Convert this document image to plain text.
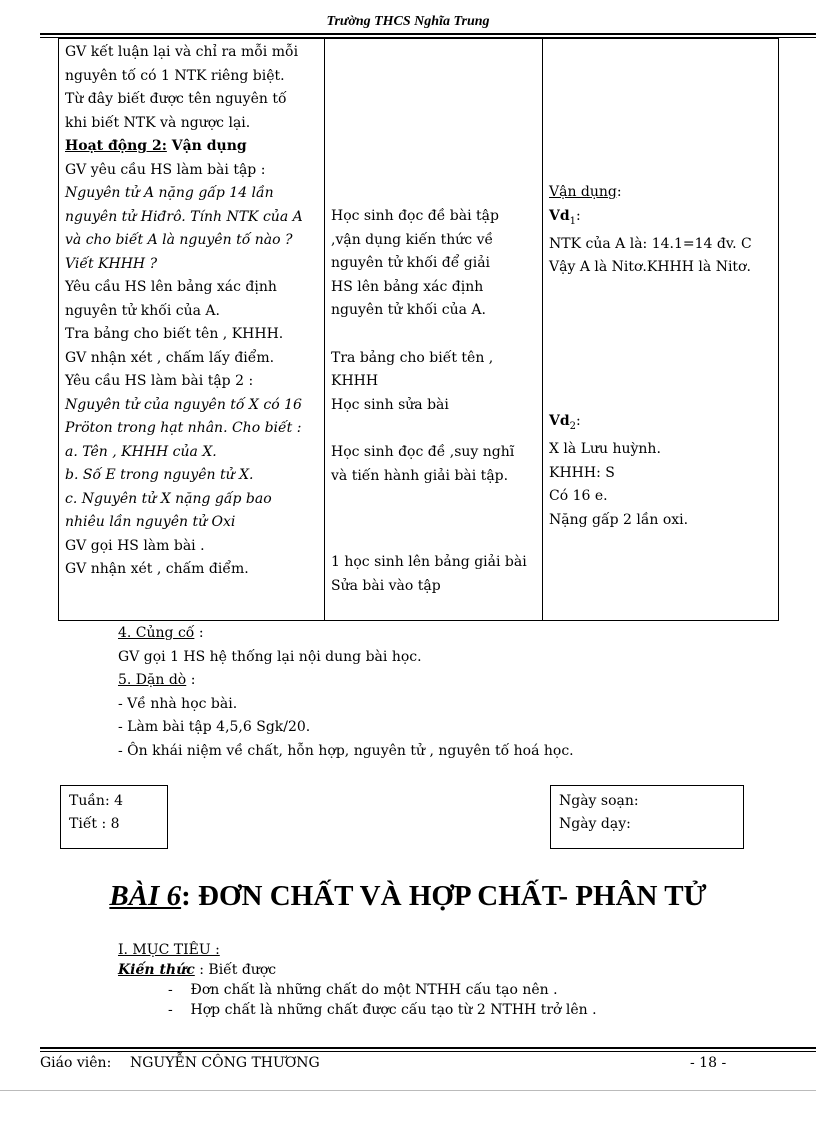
Trường THCS Nghĩa Trung
GV kết luận lại và chỉ ra mỗi mỗi
nguyên tố có 1 NTK riêng biệt.
Từ đây biết được tên nguyên tố
khi biết NTK và ngược lại.
Hoạt động 2: Vận dụng
GV yêu cầu HS làm bài tập :
Nguyên tử A nặng gấp 14 lần
nguyên tử Hiđrô. Tính NTK của A
và cho biết A là nguyên tố nào ?
Viết KHHH ?
Yêu cầu HS lên bảng xác định
nguyên tử khối của A.
Tra bảng cho biết tên , KHHH.
GV nhận xét , chấm lấy điểm.
Yêu cầu HS làm bài tập 2 :
Nguyên tử của nguyên tố X có 16
Pröton trong hạt nhân. Cho biết :
a. Tên , KHHH của X.
b. Số E trong nguyên tử X.
c. Nguyên tử X nặng gấp bao
nhiêu lần nguyên tử Oxi
GV gọi HS làm bài .
GV nhận xét , chấm điểm.

Học sinh đọc đề bài tập
,vận dụng kiến thức về
nguyên tử khối để giải
HS lên bảng xác định
nguyên tử khối của A.
Tra bảng cho biết tên ,
KHHH
Học sinh sửa bài
Học sinh đọc đề ,suy nghĩ
và tiến hành giải bài tập.
1 học sinh lên bảng giải bài
Sửa bài vào tập

Vận dụng:
$Vd_1$:
NTK của A là: 14.1=14 đv. C
Vậy A là Nitơ.KHHH là Nitơ.
$Vd_2$:
X là Lưu huỳnh.
KHHH: S
Có 16 e.
Nặng gấp 2 lần oxi.
4. Củng cố :
GV gọi 1 HS hệ thống lại nội dung bài học.
5. Dặn dò :
- Về nhà học bài.
- Làm bài tập 4,5,6 Sgk/20.
- Ôn khái niệm về chất, hỗn hợp, nguyên tử , nguyên tố hoá học.
Tuần: 4
Tiết : 8
Ngày soạn:
Ngày dạy:
BÀI 6: ĐƠN CHẤT VÀ HỢP CHẤT- PHÂN TỬ
I. MỤC TIÊU :
Kiến thức : Biết được
-    Đơn chất là những chất do một NTHH cấu tạo nên .
-    Hợp chất là những chất được cấu tạo từ 2 NTHH trở lên .
Giáo viên: NGUYỄN CÔNG THƯƠNG	- 18 -
